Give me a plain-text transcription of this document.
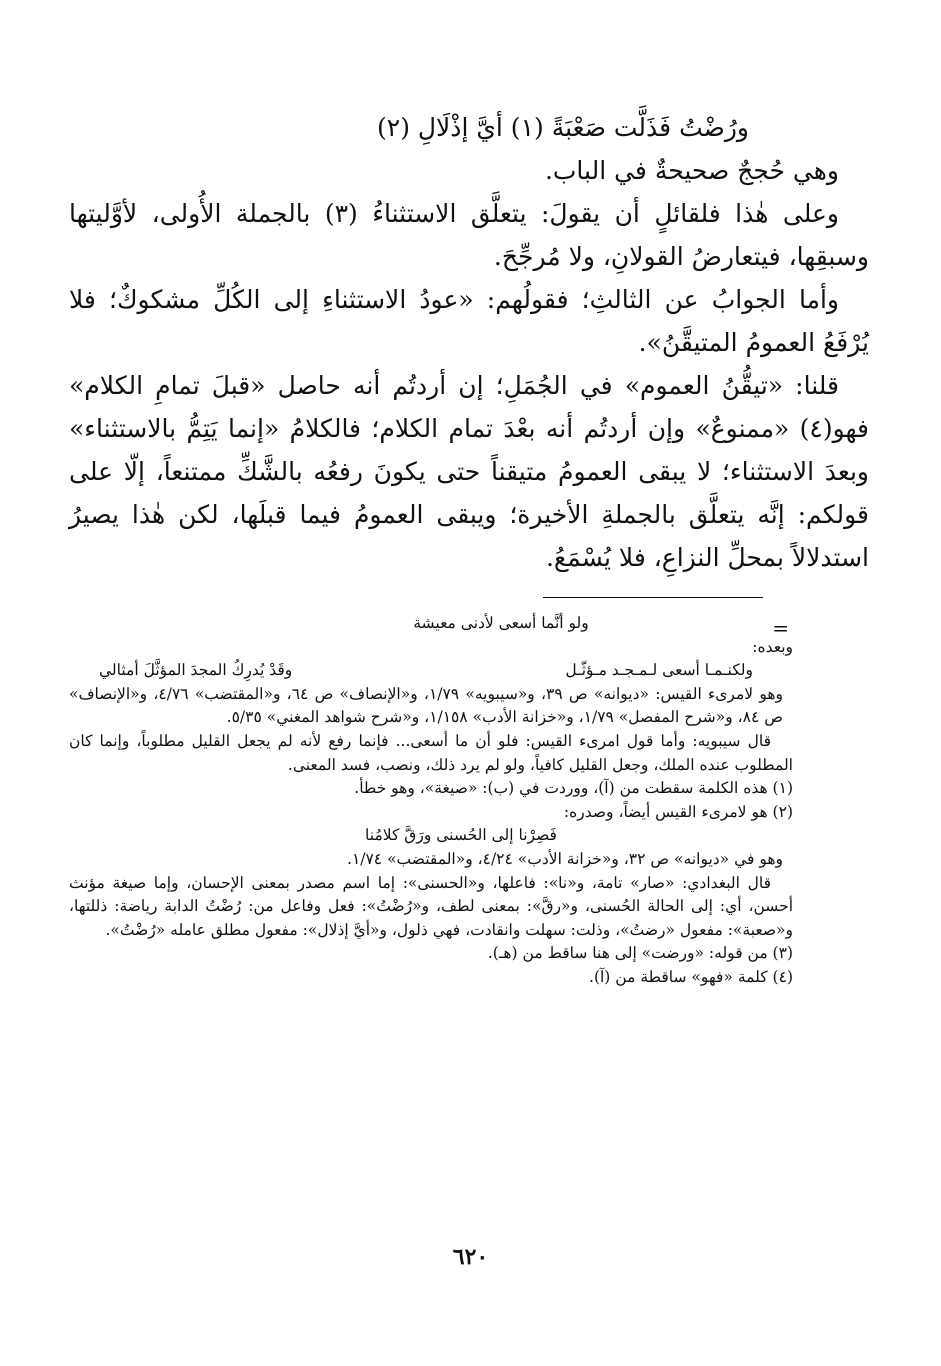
ورُضْتُ فَذَلَّت صَعْبَةً (١) أيَّ إذْلَالِ (٢)

وهي حُججٌ صحيحةٌ في الباب.

وعلى هٰذا فلقائلٍ أن يقولَ: يتعلَّق الاستثناءُ (٣) بالجملة الأُولى، لأوَّليتها وسبقِها، فيتعارضُ القولانِ، ولا مُرجِّحَ.

وأما الجوابُ عن الثالثِ؛ فقولُهم: «عودُ الاستثناءِ إلى الكُلِّ مشكوكٌ؛ فلا يُرْفَعُ العمومُ المتيقَّنُ».

قلنا: «تيقُّنُ العموم» في الجُمَلِ؛ إن أردتُم أنه حاصل «قبلَ تمامِ الكلام» فهو(٤) «ممنوعٌ» وإن أردتُم أنه بعْدَ تمام الكلام؛ فالكلامُ «إنما يَتِمُّ بالاستثناء» وبعدَ الاستثناء؛ لا يبقى العمومُ متيقناً حتى يكونَ رفعُه بالشَّكِّ ممتنعاً، إلّا على قولكم: إنَّه يتعلَّق بالجملةِ الأخيرة؛ ويبقى العمومُ فيما قبلَها، لكن هٰذا يصيرُ استدلالاً بمحلِّ النزاعِ، فلا يُسْمَعُ.

=

ولو أنَّما أسعى لأدنى معيشة

وبعده:

ولكنـمـا أسعى لـمـجـد مـؤثّـل
وقَدْ يُدرِكُ المجدَ المؤثَّلَ أمثالي

وهو لامرىء القيس: «ديوانه» ص ٣٩، و«سيبويه» ١/٧٩، و«الإنصاف» ص ٦٤، و«المقتضب» ٤/٧٦، و«الإنصاف» ص ٨٤، و«شرح المفصل» ١/٧٩، و«خزانة الأدب» ١/١٥٨، و«شرح شواهد المغني» ٥/٣٥.

قال سيبويه: وأما قول امرىء القيس: فلو أن ما أسعى... فإنما رفع لأنه لم يجعل القليل مطلوباً، وإنما كان المطلوب عنده الملك، وجعل القليل كافياً، ولو لم يرد ذلك، ونصب، فسد المعنى.

(١) هذه الكلمة سقطت من (آ)، ووردت في (ب): «صيغة»، وهو خطأ.

(٢) هو لامرىء القيس أيضاً، وصدره:

فَصِرْنا إلى الحُسنى ورَقَّ كلامُنا

وهو في «ديوانه» ص ٣٢، و«خزانة الأدب» ٤/٢٤، و«المقتضب» ١/٧٤.

قال البغدادي: «صار» تامة، و«نا»: فاعلها، و«الحسنى»: إما اسم مصدر بمعنى الإحسان، وإما صيغة مؤنث أحسن، أي: إلى الحالة الحُسنى، و«رقَّ»: بمعنى لطف، و«رُضْتُ»: فعل وفاعل من: رُضْتُ الدابة رياضة: ذللتها، و«صعبة»: مفعول «رضتُ»، وذلت: سهلت وانقادت، فهي ذلول، و«أيَّ إذلال»: مفعول مطلق عامله «رُضْتُ».

(٣) من قوله: «ورضت» إلى هنا ساقط من (هـ).

(٤) كلمة «فهو» ساقطة من (آ).

٦٢٠
